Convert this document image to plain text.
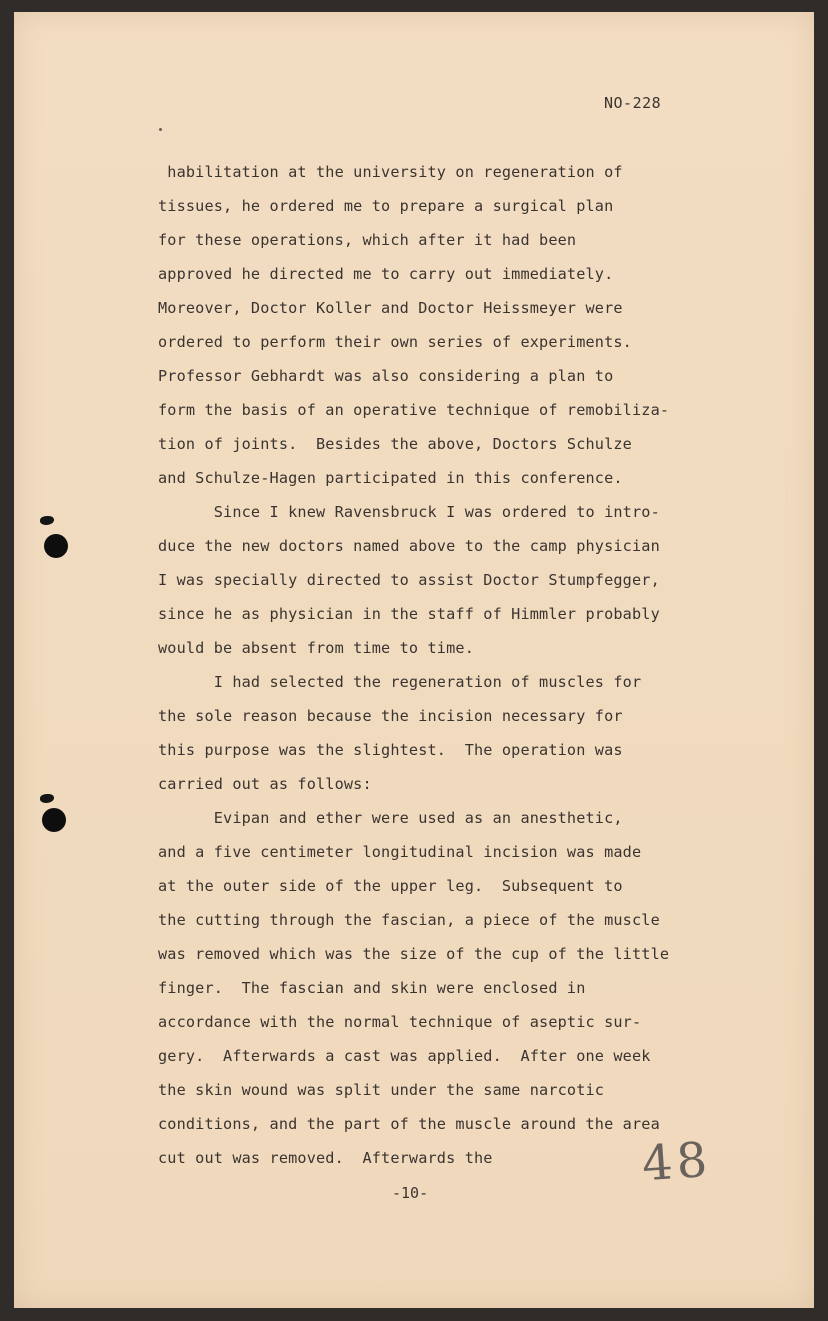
NO-228
habilitation at the university on regeneration of
tissues, he ordered me to prepare a surgical plan
for these operations, which after it had been
approved he directed me to carry out immediately.
Moreover, Doctor Koller and Doctor Heissmeyer were
ordered to perform their own series of experiments.
Professor Gebhardt was also considering a plan to
form the basis of an operative technique of remobiliza-
tion of joints.  Besides the above, Doctors Schulze
and Schulze-Hagen participated in this conference.
Since I knew Ravensbruck I was ordered to intro-
duce the new doctors named above to the camp physician
I was specially directed to assist Doctor Stumpfegger,
since he as physician in the staff of Himmler probably
would be absent from time to time.
I had selected the regeneration of muscles for
the sole reason because the incision necessary for
this purpose was the slightest.  The operation was
carried out as follows:
Evipan and ether were used as an anesthetic,
and a five centimeter longitudinal incision was made
at the outer side of the upper leg.  Subsequent to
the cutting through the fascian, a piece of the muscle
was removed which was the size of the cup of the little
finger.  The fascian and skin were enclosed in
accordance with the normal technique of aseptic sur-
gery.  Afterwards a cast was applied.  After one week
the skin wound was split under the same narcotic
conditions, and the part of the muscle around the area
cut out was removed.  Afterwards the
-10-
48
